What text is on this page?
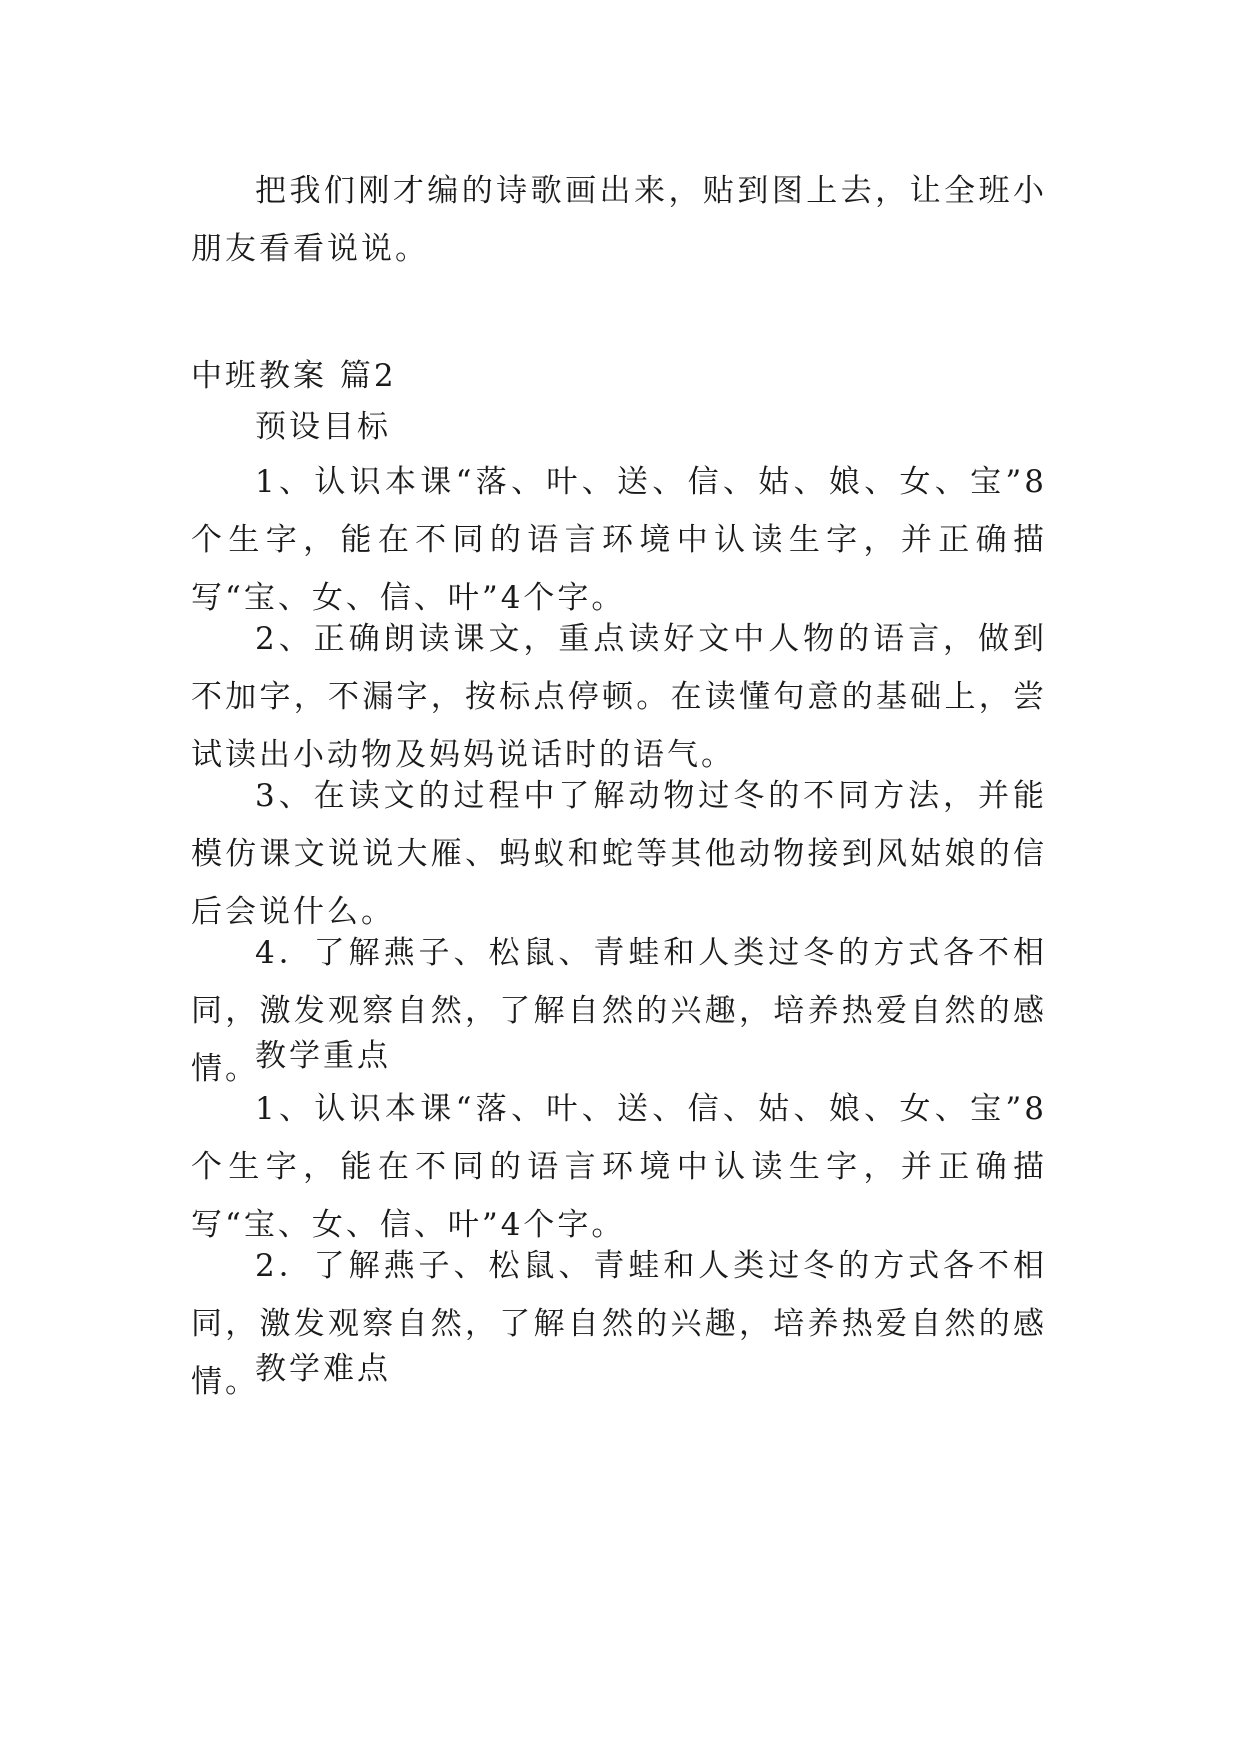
把我们刚才编的诗歌画出来，贴到图上去，让全班小朋友看看说说。

中班教案 篇2

预设目标

1、认识本课“落、叶、送、信、姑、娘、女、宝”8个生字，能在不同的语言环境中认读生字，并正确描写“宝、女、信、叶”4个字。

2、正确朗读课文，重点读好文中人物的语言，做到不加字，不漏字，按标点停顿。在读懂句意的基础上，尝试读出小动物及妈妈说话时的语气。

3、在读文的过程中了解动物过冬的不同方法，并能模仿课文说说大雁、蚂蚁和蛇等其他动物接到风姑娘的信后会说什么。

4．了解燕子、松鼠、青蛙和人类过冬的方式各不相同，激发观察自然，了解自然的兴趣，培养热爱自然的感情。

教学重点

1、认识本课“落、叶、送、信、姑、娘、女、宝”8个生字，能在不同的语言环境中认读生字，并正确描写“宝、女、信、叶”4个字。

2．了解燕子、松鼠、青蛙和人类过冬的方式各不相同，激发观察自然，了解自然的兴趣，培养热爱自然的感情。

教学难点
